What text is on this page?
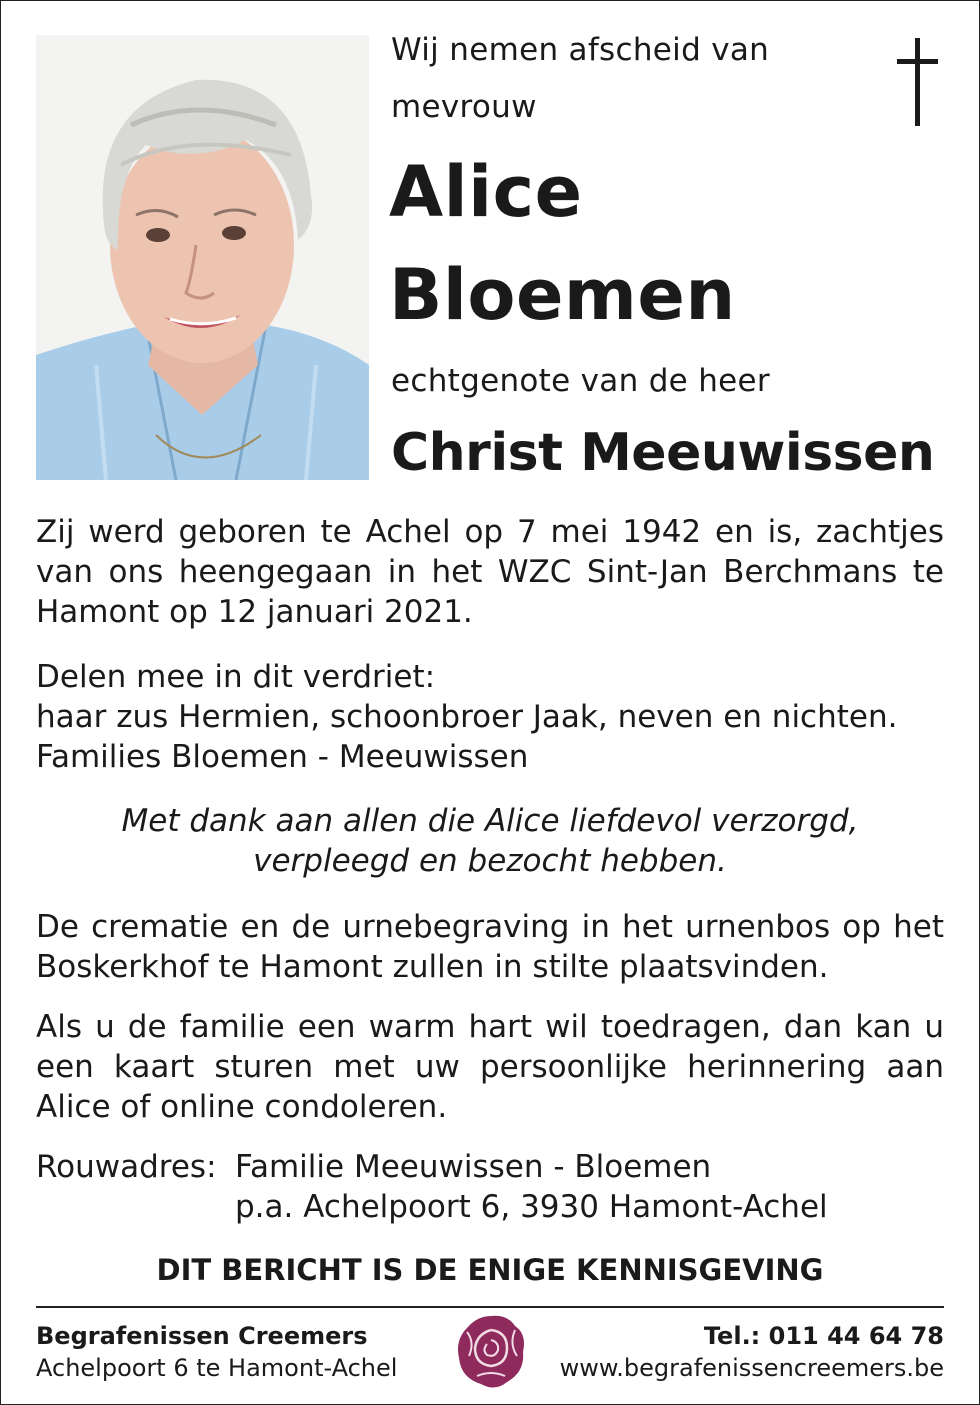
Wij nemen afscheid van
mevrouw
Alice
Bloemen
echtgenote van de heer
Christ Meeuwissen
Zij werd geboren te Achel op 7 mei 1942 en is, zachtjes van ons heengegaan in het WZC Sint-Jan Berchmans te Hamont op 12 januari 2021.
Delen mee in dit verdriet:
haar zus Hermien, schoonbroer Jaak, neven en nichten.
Families Bloemen - Meeuwissen
Met dank aan allen die Alice liefdevol verzorgd,
verpleegd en bezocht hebben.
De crematie en de urnebegraving in het urnenbos op het Boskerkhof te Hamont zullen in stilte plaatsvinden.
Als u de familie een warm hart wil toedragen, dan kan u een kaart sturen met uw persoonlijke herinnering aan Alice of online condoleren.
Rouwadres: Familie Meeuwissen - Bloemen
p.a. Achelpoort 6, 3930 Hamont-Achel
DIT BERICHT IS DE ENIGE KENNISGEVING
Begrafenissen Creemers
Achelpoort 6 te Hamont-Achel
Tel.: 011 44 64 78
www.begrafenissencreemers.be
